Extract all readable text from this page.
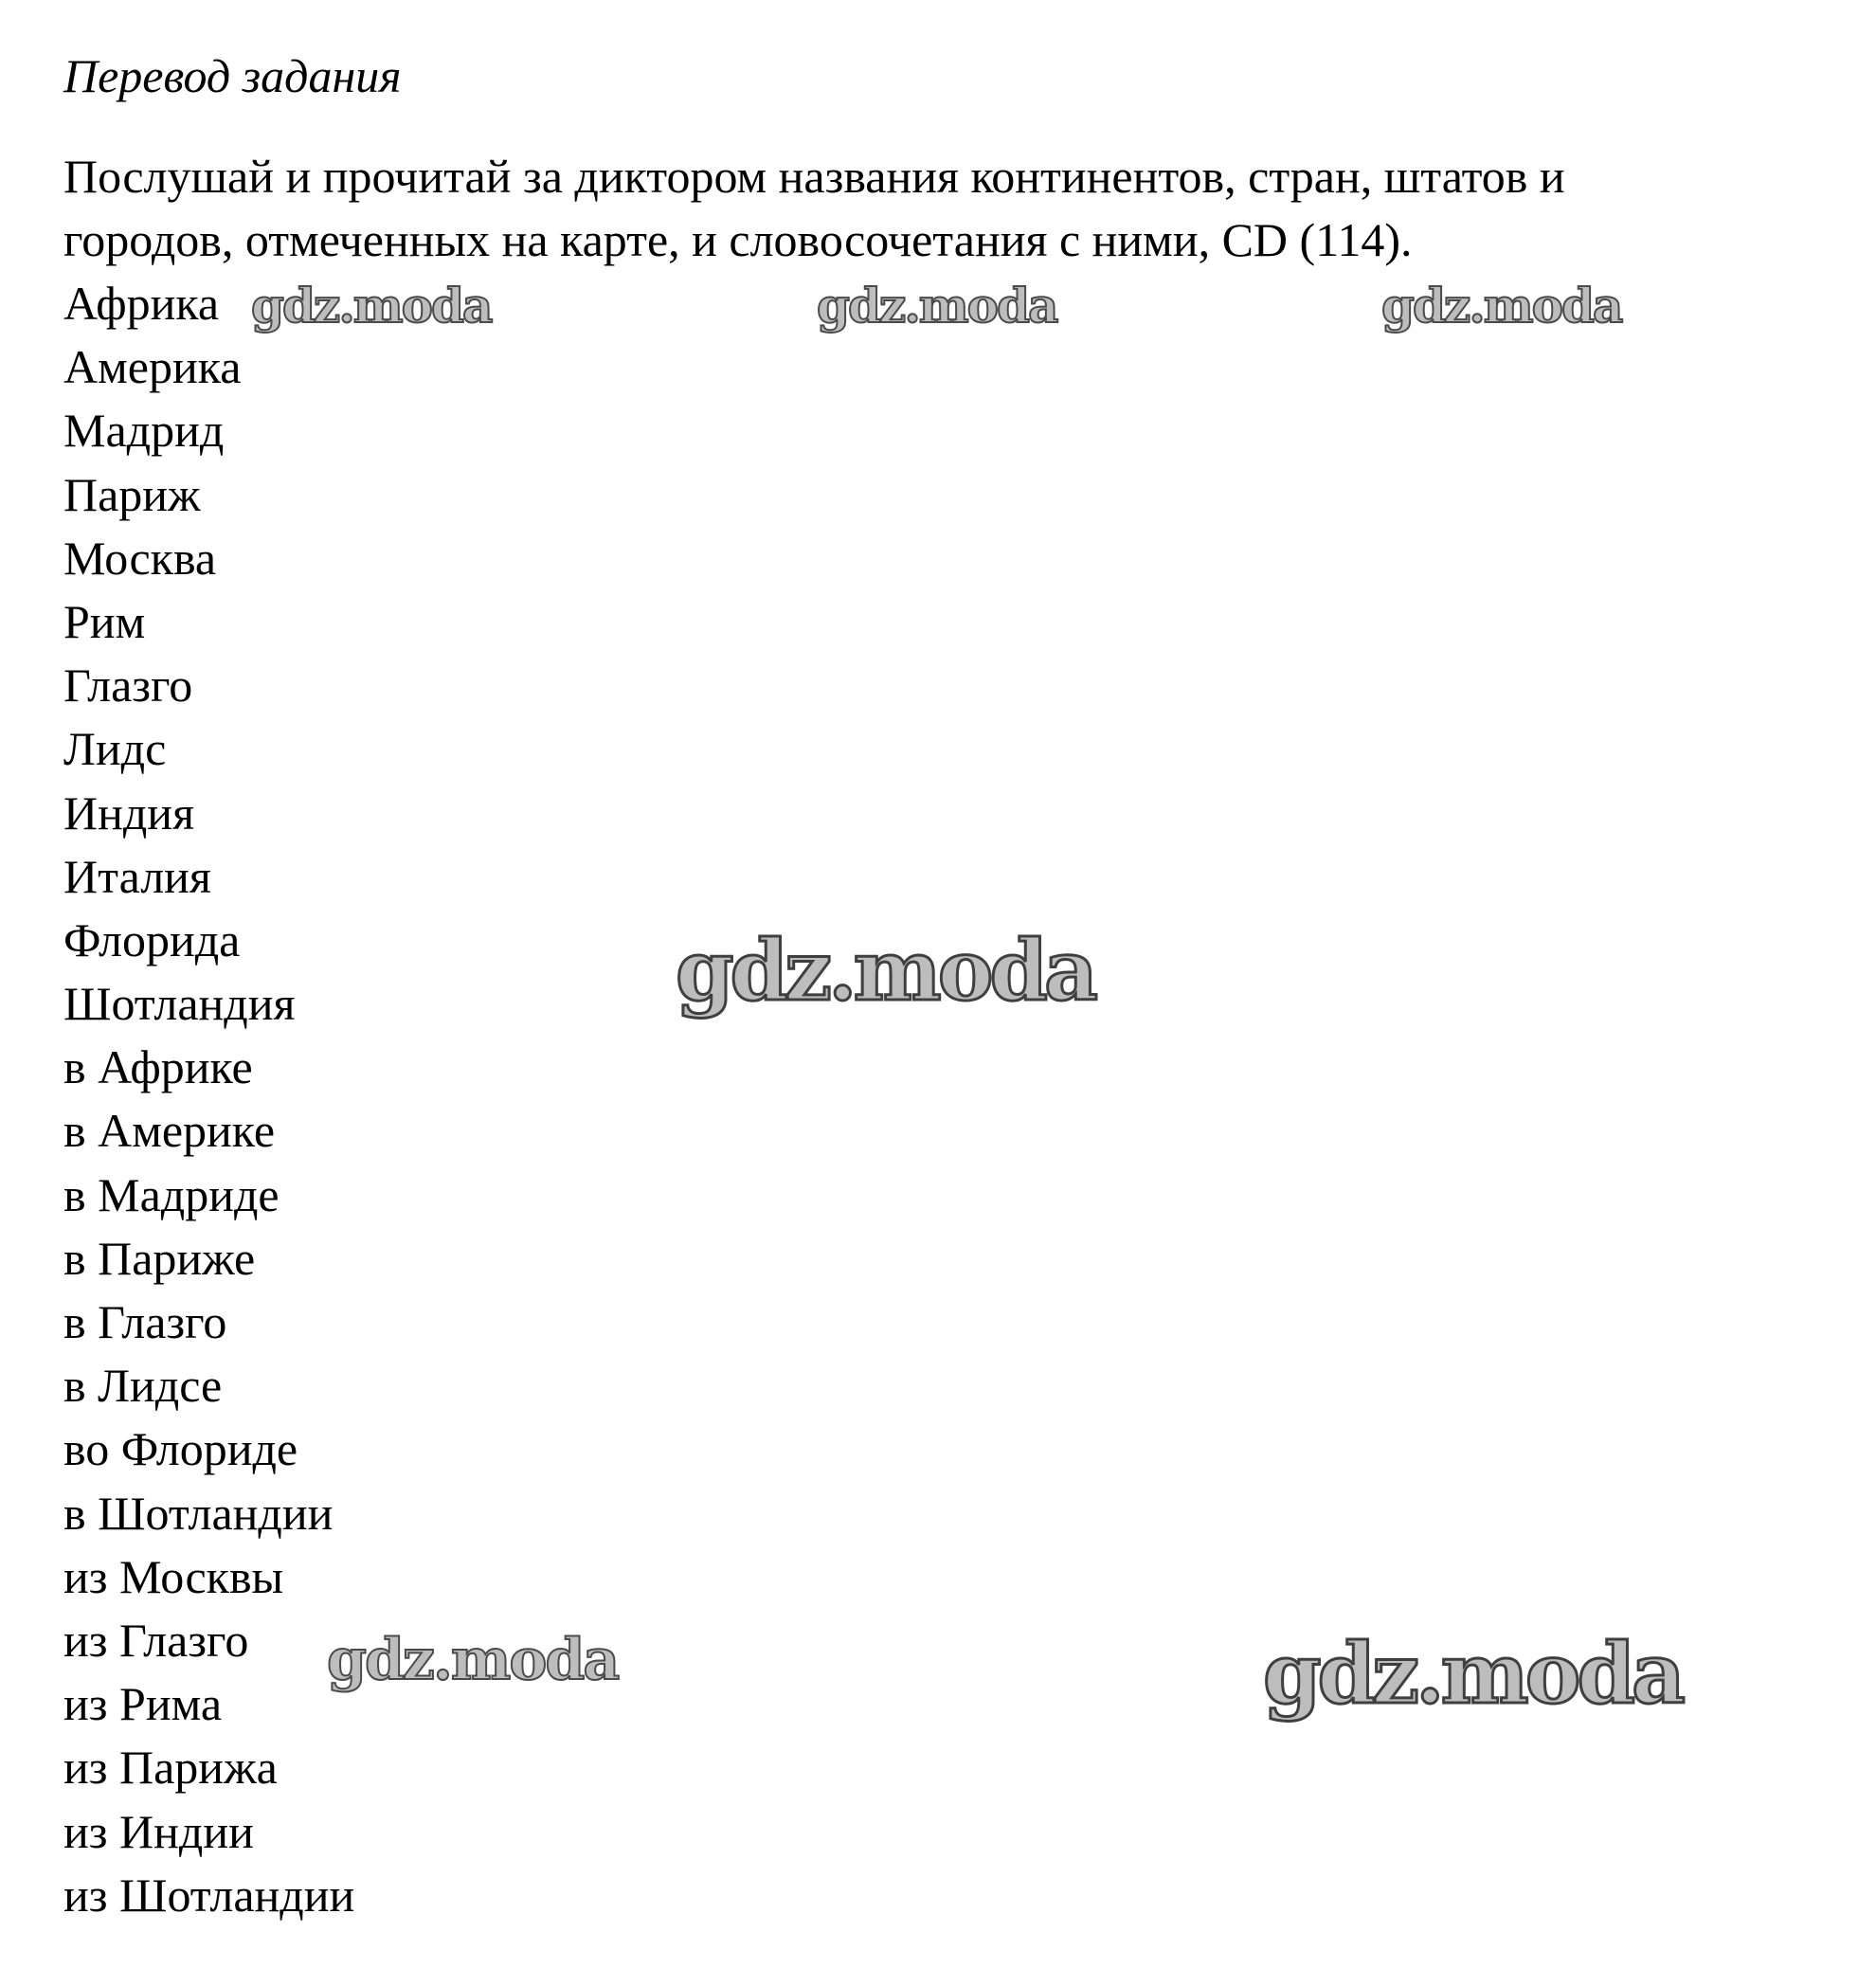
Перевод задания

Послушай и прочитай за диктором названия континентов, стран, штатов и
городов, отмеченных на карте, и словосочетания с ними, CD (114).

Африка
Америка
Мадрид
Париж
Москва
Рим
Глазго
Лидс
Индия
Италия
Флорида
Шотландия
в Африке
в Америке
в Мадриде
в Париже
в Глазго
в Лидсе
во Флориде
в Шотландии
из Москвы
из Глазго
из Рима
из Парижа
из Индии
из Шотландии
gdz.moda	gdz.moda	gdz.moda
gdz.moda
gdz.moda	gdz.moda
